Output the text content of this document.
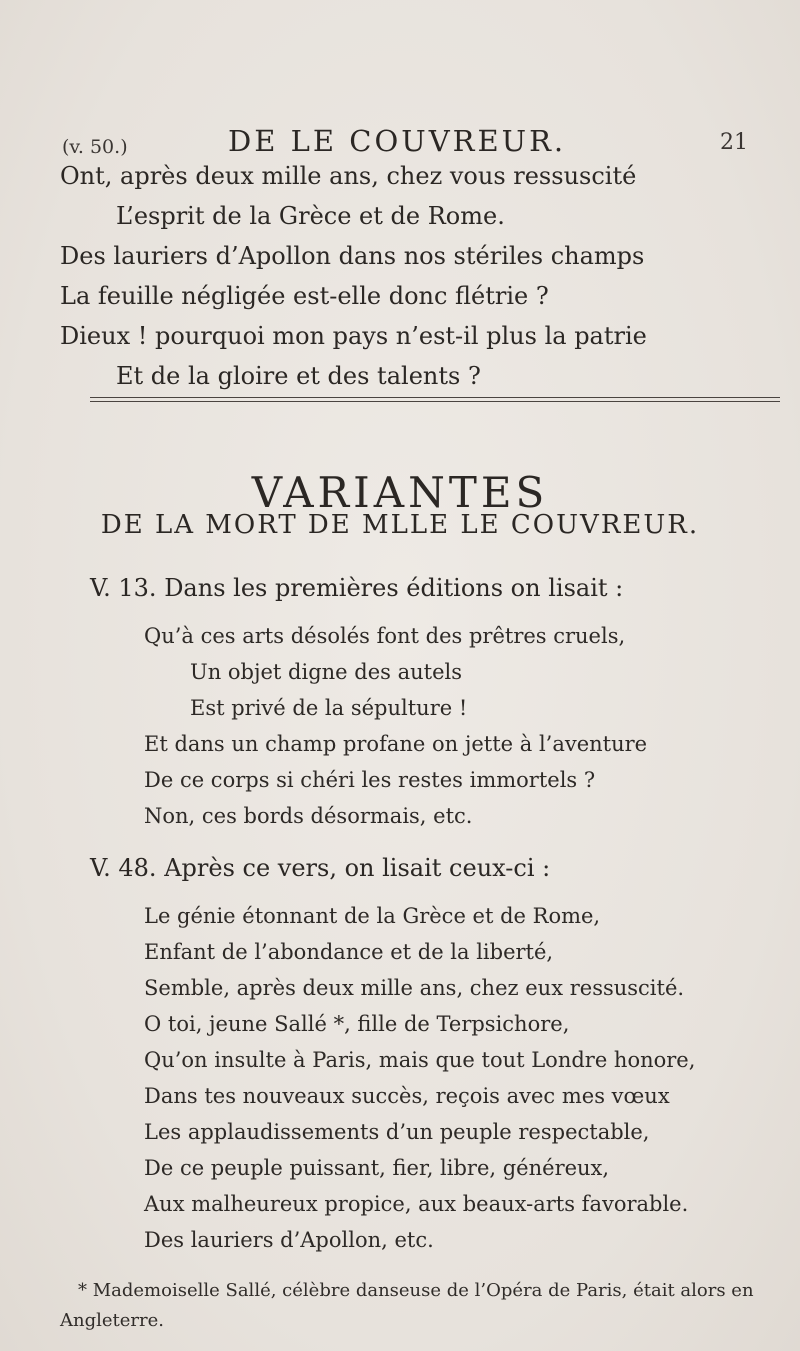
(v. 50.)	DE LE COUVREUR.	21
Ont, après deux mille ans, chez vous ressuscité
L’esprit de la Grèce et de Rome.
Des lauriers d’Apollon dans nos stériles champs
La feuille négligée est-elle donc flétrie ?
Dieux ! pourquoi mon pays n’est-il plus la patrie
Et de la gloire et des talents ?
VARIANTES
DE LA MORT DE MLLE LE COUVREUR.
V. 13. Dans les premières éditions on lisait :
Qu’à ces arts désolés font des prêtres cruels,
Un objet digne des autels
Est privé de la sépulture !
Et dans un champ profane on jette à l’aventure
De ce corps si chéri les restes immortels ?
Non, ces bords désormais, etc.
V. 48. Après ce vers, on lisait ceux-ci :
Le génie étonnant de la Grèce et de Rome,
Enfant de l’abondance et de la liberté,
Semble, après deux mille ans, chez eux ressuscité.
O toi, jeune Sallé *, fille de Terpsichore,
Qu’on insulte à Paris, mais que tout Londre honore,
Dans tes nouveaux succès, reçois avec mes vœux
Les applaudissements d’un peuple respectable,
De ce peuple puissant, fier, libre, généreux,
Aux malheureux propice, aux beaux-arts favorable.
Des lauriers d’Apollon, etc.
* Mademoiselle Sallé, célèbre danseuse de l’Opéra de Paris, était alors en
Angleterre.
